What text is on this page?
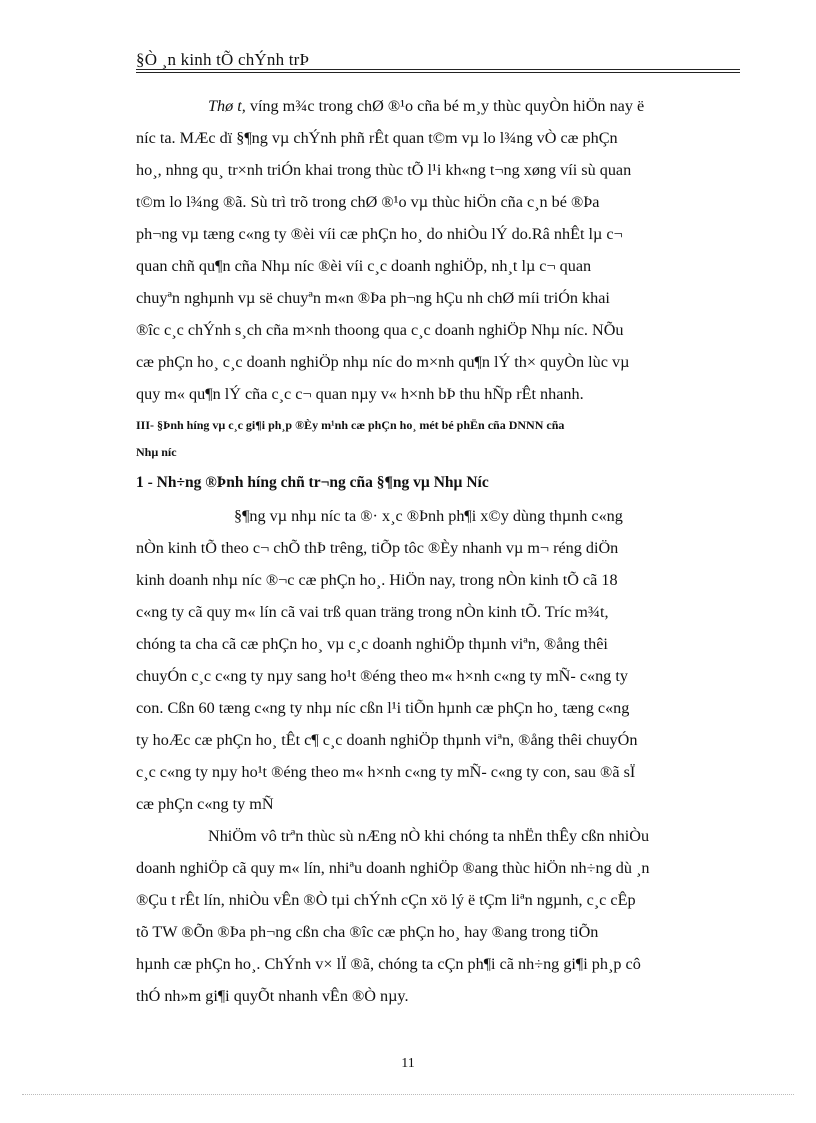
§Ò ¸n kinh tÕ chÝnh trÞ
Thø t, víng m¾c trong chØ ®¹o cña bé m¸y thùc quyÒn hiÖn nay ë
níc ta. MÆc dï §¶ng vµ chÝnh phñ rÊt quan t©m vµ lo l¾ng vÒ cæ phÇn
ho¸, nhng qu¸ tr×nh triÓn khai trong thùc tÕ l¹i kh«ng t¬ng xøng víi sù quan
t©m lo l¾ng ®ã. Sù trì trõ trong chØ ®¹o vµ thùc hiÖn cña c¸n bé ®Þa
ph¬ng vµ tæng c«ng ty ®èi víi cæ phÇn ho¸ do nhiÒu lÝ do.Râ nhÊt lµ c¬
quan chñ qu¶n cña Nhµ níc ®èi víi c¸c doanh nghiÖp, nh¸t lµ c¬ quan
chuyªn nghµnh vµ së chuyªn m«n ®Þa ph¬ng hÇu nh chØ míi triÓn khai
®îc c¸c chÝnh s¸ch cña m×nh thoong qua c¸c doanh nghiÖp Nhµ níc. NÕu
cæ phÇn ho¸ c¸c doanh nghiÖp nhµ níc do m×nh qu¶n lÝ th× quyÒn lùc vµ
quy m« qu¶n lÝ cña c¸c c¬ quan nµy v« h×nh bÞ thu hÑp rÊt nhanh.
III- §Þnh híng vµ c¸c gi¶i ph¸p ®Èy m¹nh cæ phÇn ho¸ mét bé phËn cña DNNN cña
Nhµ níc
1 - Nh÷ng ®Þnh híng chñ tr¬ng cña §¶ng vµ Nhµ Níc
§¶ng vµ nhµ níc ta ®· x¸c ®Þnh ph¶i x©y dùng thµnh c«ng
nÒn kinh tÕ theo c¬ chÕ thÞ trêng, tiÕp tôc ®Èy nhanh vµ m¬ réng diÖn
kinh doanh nhµ níc ®¬c cæ phÇn ho¸. HiÖn nay, trong nÒn kinh tÕ cã 18
c«ng ty cã quy m« lín cã vai trß quan träng trong nÒn kinh tÕ. Tríc m¾t,
chóng ta cha cã cæ phÇn ho¸ vµ c¸c doanh nghiÖp thµnh viªn, ®ång thêi
chuyÓn c¸c c«ng ty nµy sang ho¹t ®éng theo m« h×nh c«ng ty mÑ- c«ng ty
con. Cßn 60 tæng c«ng ty nhµ níc cßn l¹i tiÕn hµnh cæ phÇn ho¸ tæng c«ng
ty hoÆc cæ phÇn ho¸ tÊt c¶ c¸c doanh nghiÖp thµnh viªn, ®ång thêi chuyÓn
c¸c c«ng ty nµy ho¹t ®éng theo m« h×nh c«ng ty mÑ- c«ng ty con, sau ®ã sÏ
cæ phÇn c«ng ty mÑ
NhiÖm vô trªn thùc sù nÆng nÒ khi chóng ta nhËn thÊy cßn nhiÒu
doanh nghiÖp cã quy m« lín, nhiªu doanh nghiÖp ®ang thùc hiÖn nh÷ng dù ¸n
®Çu t rÊt lín, nhiÒu vÊn ®Ò tµi chÝnh cÇn xö lý ë tÇm liªn ngµnh, c¸c cÊp
tõ TW ®Õn ®Þa ph¬ng cßn cha ®îc cæ phÇn ho¸ hay ®ang trong tiÕn
hµnh cæ phÇn ho¸. ChÝnh v× lÏ ®ã, chóng ta cÇn ph¶i cã nh÷ng gi¶i ph¸p cô
thÓ nh»m gi¶i quyÕt nhanh vÊn ®Ò nµy.
11
